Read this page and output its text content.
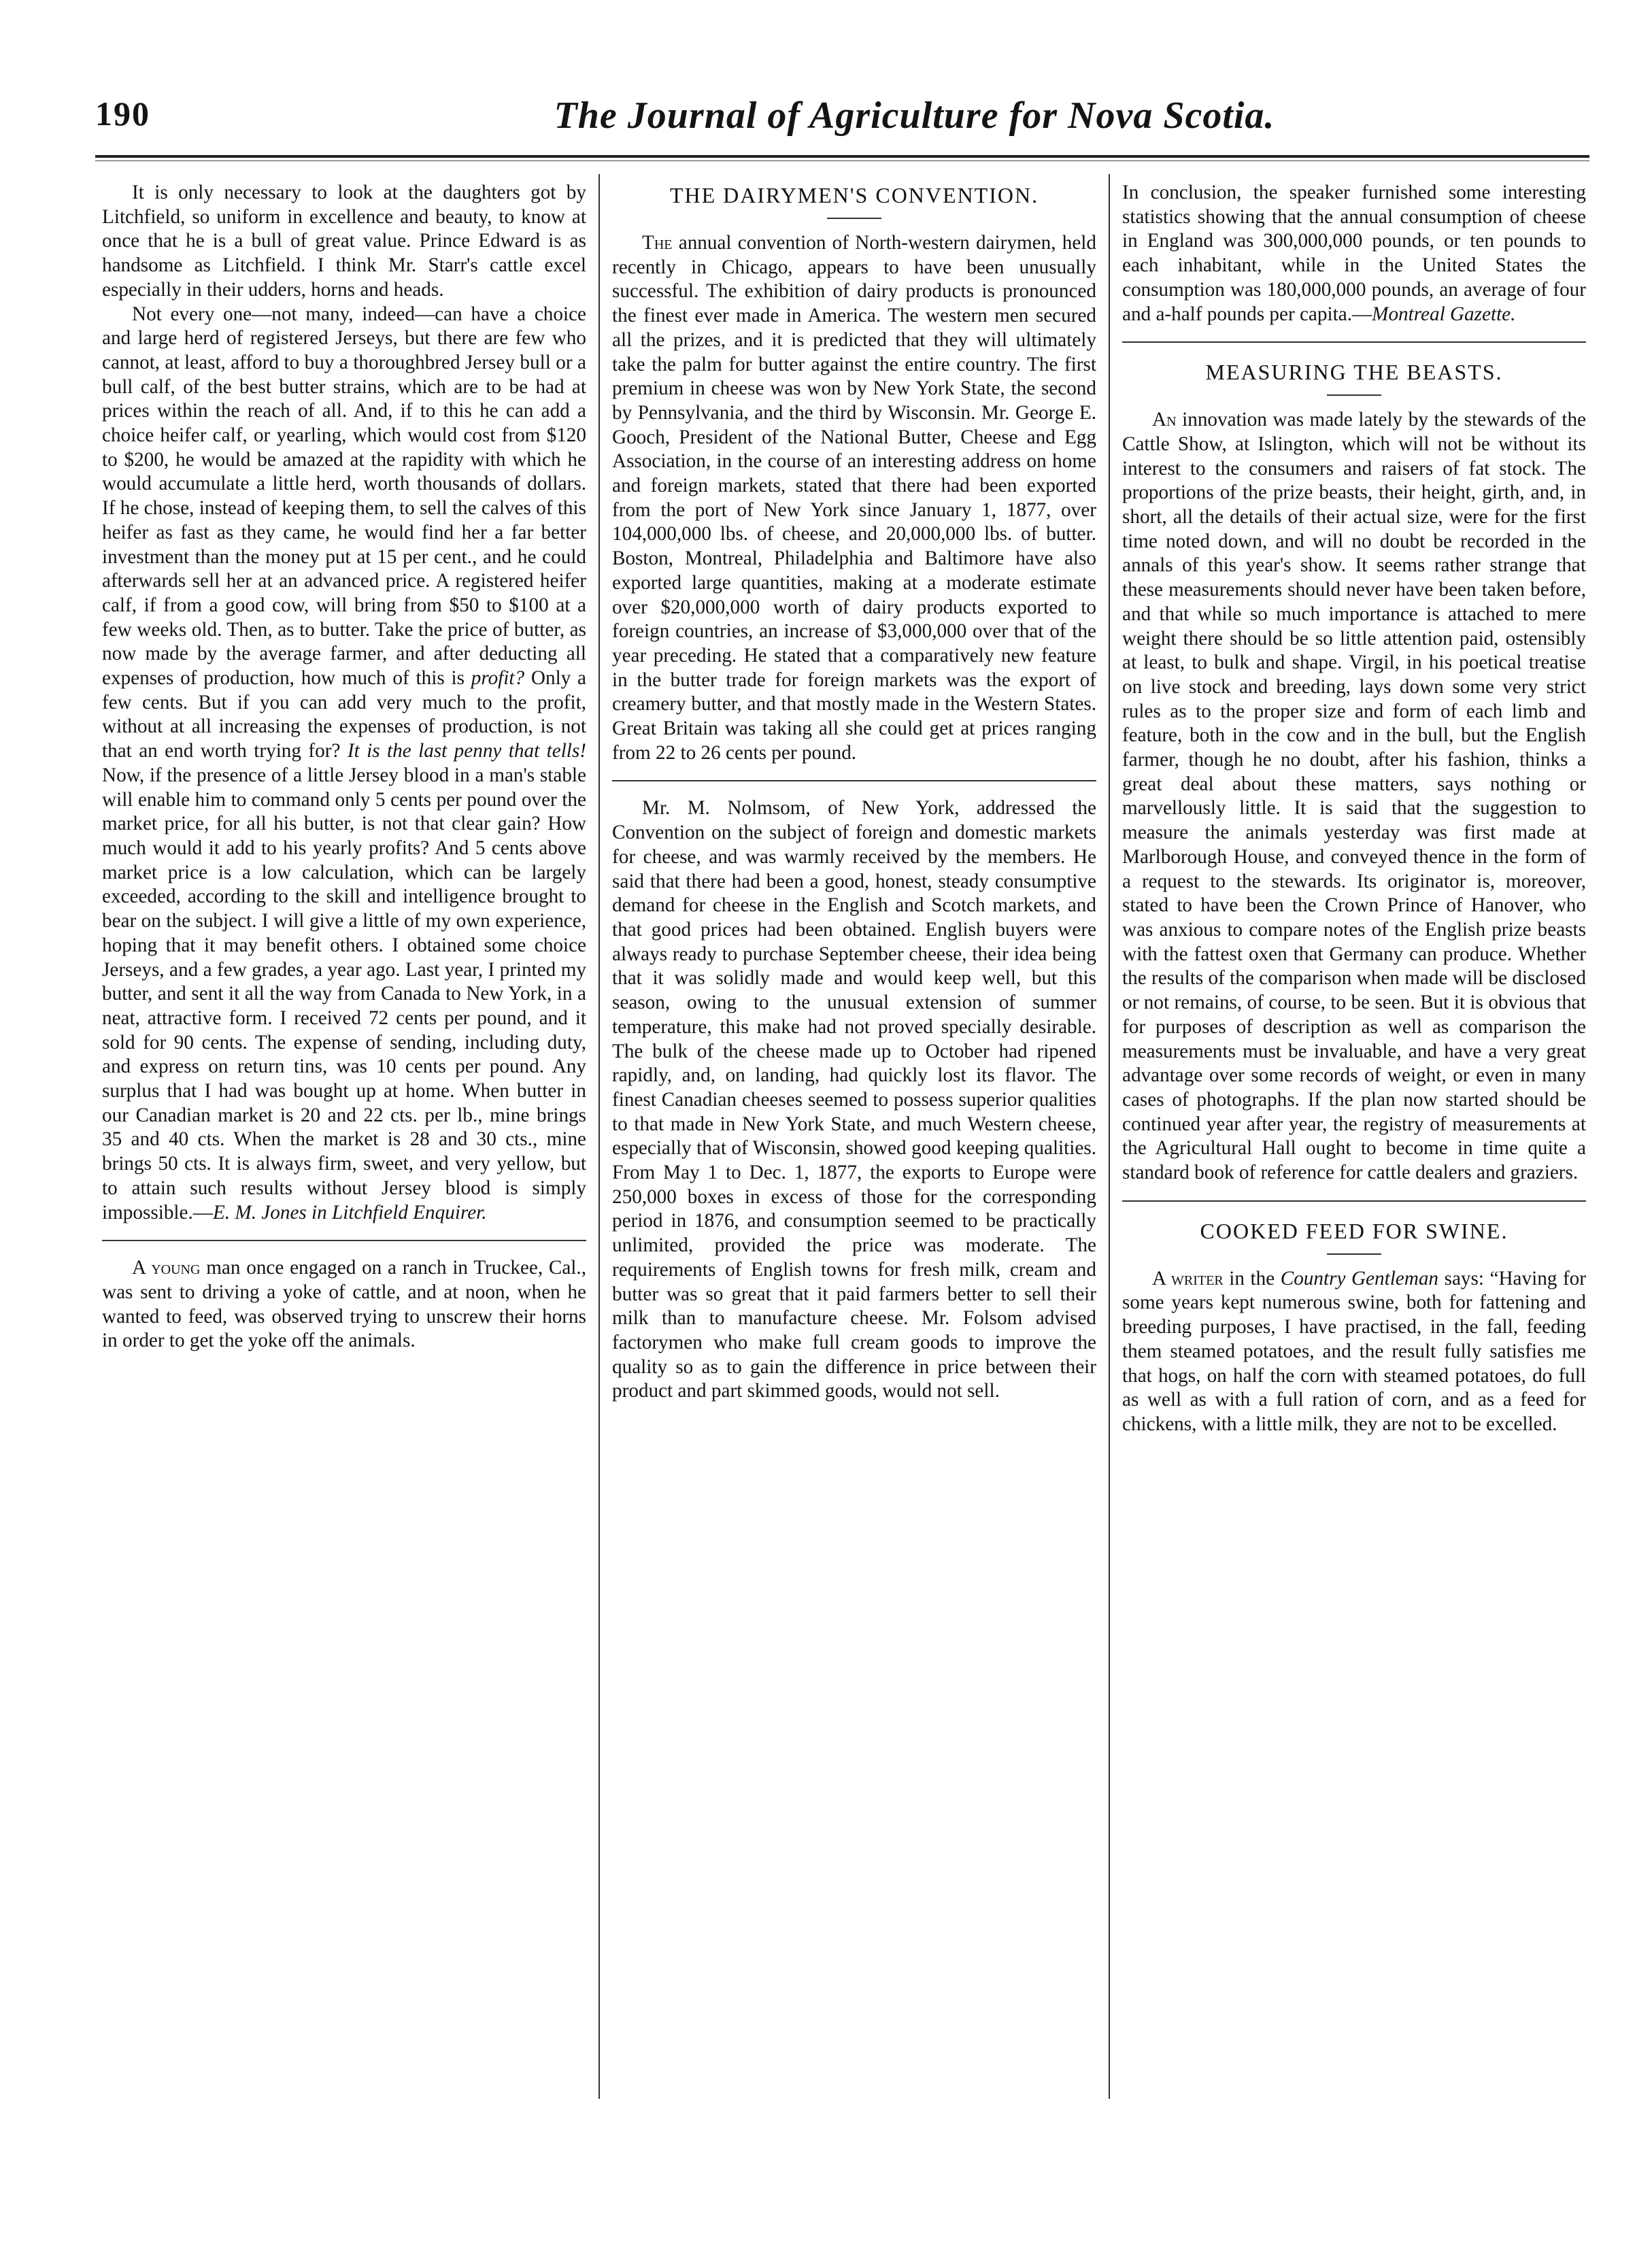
190	The Journal of Agriculture for Nova Scotia.

It is only necessary to look at the daughters got by Litchfield, so uniform in excellence and beauty, to know at once that he is a bull of great value. Prince Edward is as handsome as Litchfield. I think Mr. Starr's cattle excel especially in their udders, horns and heads.

Not every one—not many, indeed—can have a choice and large herd of registered Jerseys, but there are few who cannot, at least, afford to buy a thoroughbred Jersey bull or a bull calf, of the best butter strains, which are to be had at prices within the reach of all. And, if to this he can add a choice heifer calf, or yearling, which would cost from $120 to $200, he would be amazed at the rapidity with which he would accumulate a little herd, worth thousands of dollars. If he chose, instead of keeping them, to sell the calves of this heifer as fast as they came, he would find her a far better investment than the money put at 15 per cent., and he could afterwards sell her at an advanced price. A registered heifer calf, if from a good cow, will bring from $50 to $100 at a few weeks old. Then, as to butter. Take the price of butter, as now made by the average farmer, and after deducting all expenses of production, how much of this is profit? Only a few cents. But if you can add very much to the profit, without at all increasing the expenses of production, is not that an end worth trying for? It is the last penny that tells! Now, if the presence of a little Jersey blood in a man's stable will enable him to command only 5 cents per pound over the market price, for all his butter, is not that clear gain? How much would it add to his yearly profits? And 5 cents above market price is a low calculation, which can be largely exceeded, according to the skill and intelligence brought to bear on the subject. I will give a little of my own experience, hoping that it may benefit others. I obtained some choice Jerseys, and a few grades, a year ago. Last year, I printed my butter, and sent it all the way from Canada to New York, in a neat, attractive form. I received 72 cents per pound, and it sold for 90 cents. The expense of sending, including duty, and express on return tins, was 10 cents per pound. Any surplus that I had was bought up at home. When butter in our Canadian market is 20 and 22 cts. per lb., mine brings 35 and 40 cts. When the market is 28 and 30 cts., mine brings 50 cts. It is always firm, sweet, and very yellow, but to attain such results without Jersey blood is simply impossible.—E. M. Jones in Litchfield Enquirer.

A young man once engaged on a ranch in Truckee, Cal., was sent to driving a yoke of cattle, and at noon, when he wanted to feed, was observed trying to unscrew their horns in order to get the yoke off the animals.

THE DAIRYMEN'S CONVENTION.

The annual convention of North-western dairymen, held recently in Chicago, appears to have been unusually successful. The exhibition of dairy products is pronounced the finest ever made in America. The western men secured all the prizes, and it is predicted that they will ultimately take the palm for butter against the entire country. The first premium in cheese was won by New York State, the second by Pennsylvania, and the third by Wisconsin. Mr. George E. Gooch, President of the National Butter, Cheese and Egg Association, in the course of an interesting address on home and foreign markets, stated that there had been exported from the port of New York since January 1, 1877, over 104,000,000 lbs. of cheese, and 20,000,000 lbs. of butter. Boston, Montreal, Philadelphia and Baltimore have also exported large quantities, making at a moderate estimate over $20,000,000 worth of dairy products exported to foreign countries, an increase of $3,000,000 over that of the year preceding. He stated that a comparatively new feature in the butter trade for foreign markets was the export of creamery butter, and that mostly made in the Western States. Great Britain was taking all she could get at prices ranging from 22 to 26 cents per pound.

Mr. M. Nolmsom, of New York, addressed the Convention on the subject of foreign and domestic markets for cheese, and was warmly received by the members. He said that there had been a good, honest, steady consumptive demand for cheese in the English and Scotch markets, and that good prices had been obtained. English buyers were always ready to purchase September cheese, their idea being that it was solidly made and would keep well, but this season, owing to the unusual extension of summer temperature, this make had not proved specially desirable. The bulk of the cheese made up to October had ripened rapidly, and, on landing, had quickly lost its flavor. The finest Canadian cheeses seemed to possess superior qualities to that made in New York State, and much Western cheese, especially that of Wisconsin, showed good keeping qualities. From May 1 to Dec. 1, 1877, the exports to Europe were 250,000 boxes in excess of those for the corresponding period in 1876, and consumption seemed to be practically unlimited, provided the price was moderate. The requirements of English towns for fresh milk, cream and butter was so great that it paid farmers better to sell their milk than to manufacture cheese. Mr. Folsom advised factorymen who make full cream goods to improve the quality so as to gain the difference in price between their product and part skimmed goods, would not sell.

In conclusion, the speaker furnished some interesting statistics showing that the annual consumption of cheese in England was 300,000,000 pounds, or ten pounds to each inhabitant, while in the United States the consumption was 180,000,000 pounds, an average of four and a-half pounds per capita.—Montreal Gazette.

MEASURING THE BEASTS.

An innovation was made lately by the stewards of the Cattle Show, at Islington, which will not be without its interest to the consumers and raisers of fat stock. The proportions of the prize beasts, their height, girth, and, in short, all the details of their actual size, were for the first time noted down, and will no doubt be recorded in the annals of this year's show. It seems rather strange that these measurements should never have been taken before, and that while so much importance is attached to mere weight there should be so little attention paid, ostensibly at least, to bulk and shape. Virgil, in his poetical treatise on live stock and breeding, lays down some very strict rules as to the proper size and form of each limb and feature, both in the cow and in the bull, but the English farmer, though he no doubt, after his fashion, thinks a great deal about these matters, says nothing or marvellously little. It is said that the suggestion to measure the animals yesterday was first made at Marlborough House, and conveyed thence in the form of a request to the stewards. Its originator is, moreover, stated to have been the Crown Prince of Hanover, who was anxious to compare notes of the English prize beasts with the fattest oxen that Germany can produce. Whether the results of the comparison when made will be disclosed or not remains, of course, to be seen. But it is obvious that for purposes of description as well as comparison the measurements must be invaluable, and have a very great advantage over some records of weight, or even in many cases of photographs. If the plan now started should be continued year after year, the registry of measurements at the Agricultural Hall ought to become in time quite a standard book of reference for cattle dealers and graziers.

COOKED FEED FOR SWINE.

A writer in the Country Gentleman says: “Having for some years kept numerous swine, both for fattening and breeding purposes, I have practised, in the fall, feeding them steamed potatoes, and the result fully satisfies me that hogs, on half the corn with steamed potatoes, do full as well as with a full ration of corn, and as a feed for chickens, with a little milk, they are not to be excelled.
